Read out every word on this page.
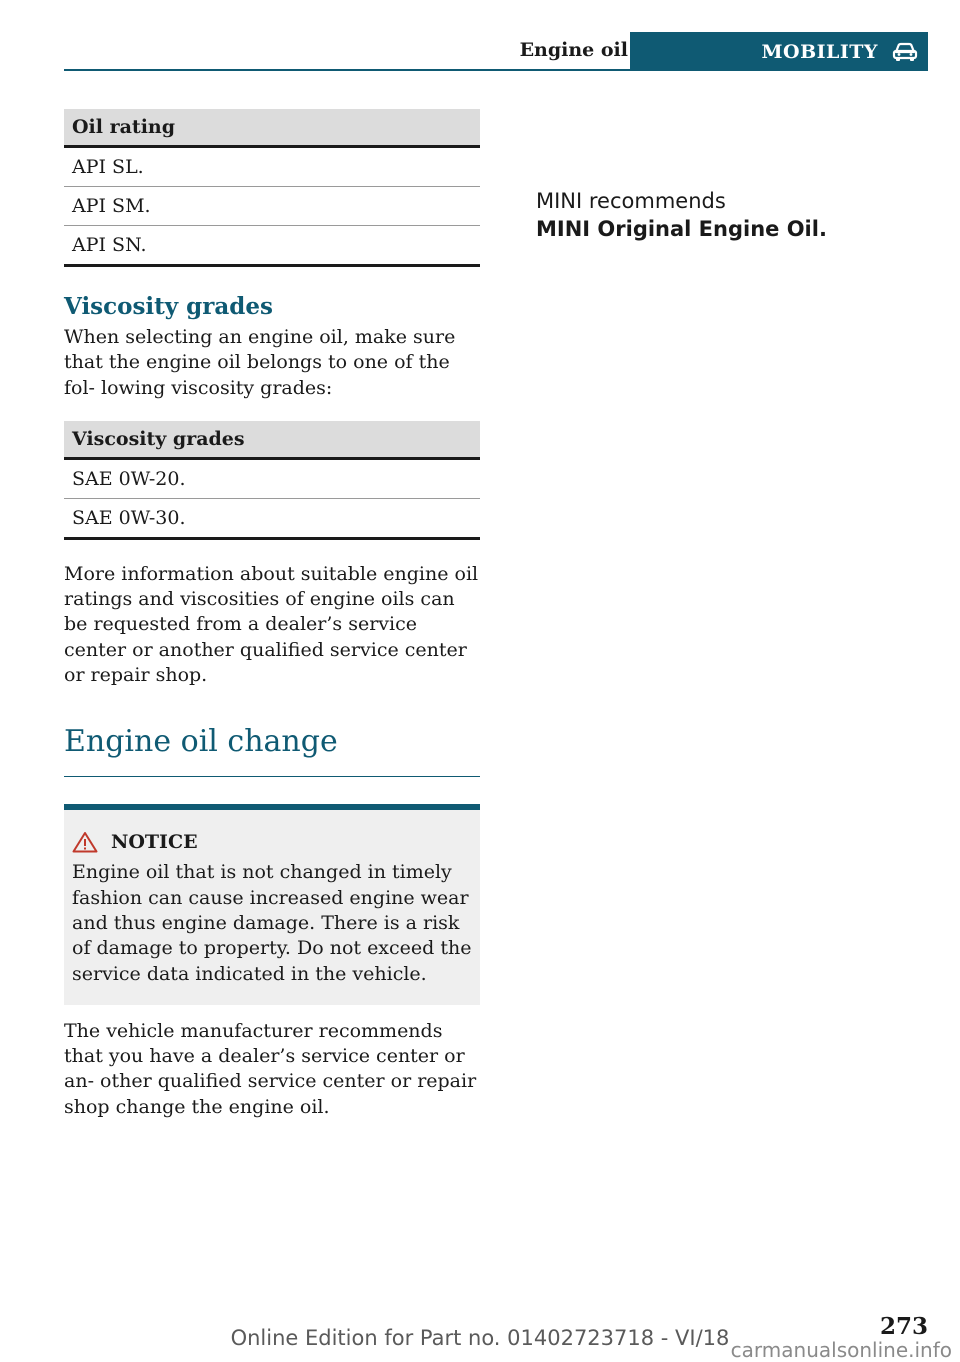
Engine oil	MOBILITY
Oil rating
API SL.
API SM.
API SN.
Viscosity grades

When selecting an engine oil, make sure that the engine oil belongs to one of the fol- lowing viscosity grades:

Viscosity grades
SAE 0W-20.
SAE 0W-30.

More information about suitable engine oil ratings and viscosities of engine oils can be requested from a dealer’s service center or another qualified service center or repair shop.

Engine oil change
NOTICE
Engine oil that is not changed in timely fashion can cause increased engine wear and thus engine damage. There is a risk of damage to property. Do not exceed the service data indicated in the vehicle.

The vehicle manufacturer recommends that you have a dealer’s service center or an- other qualified service center or repair shop change the engine oil.

MINI recommends
MINI Original Engine Oil.
273
Online Edition for Part no. 01402723718 - VI/18 carmanualsonline.info
